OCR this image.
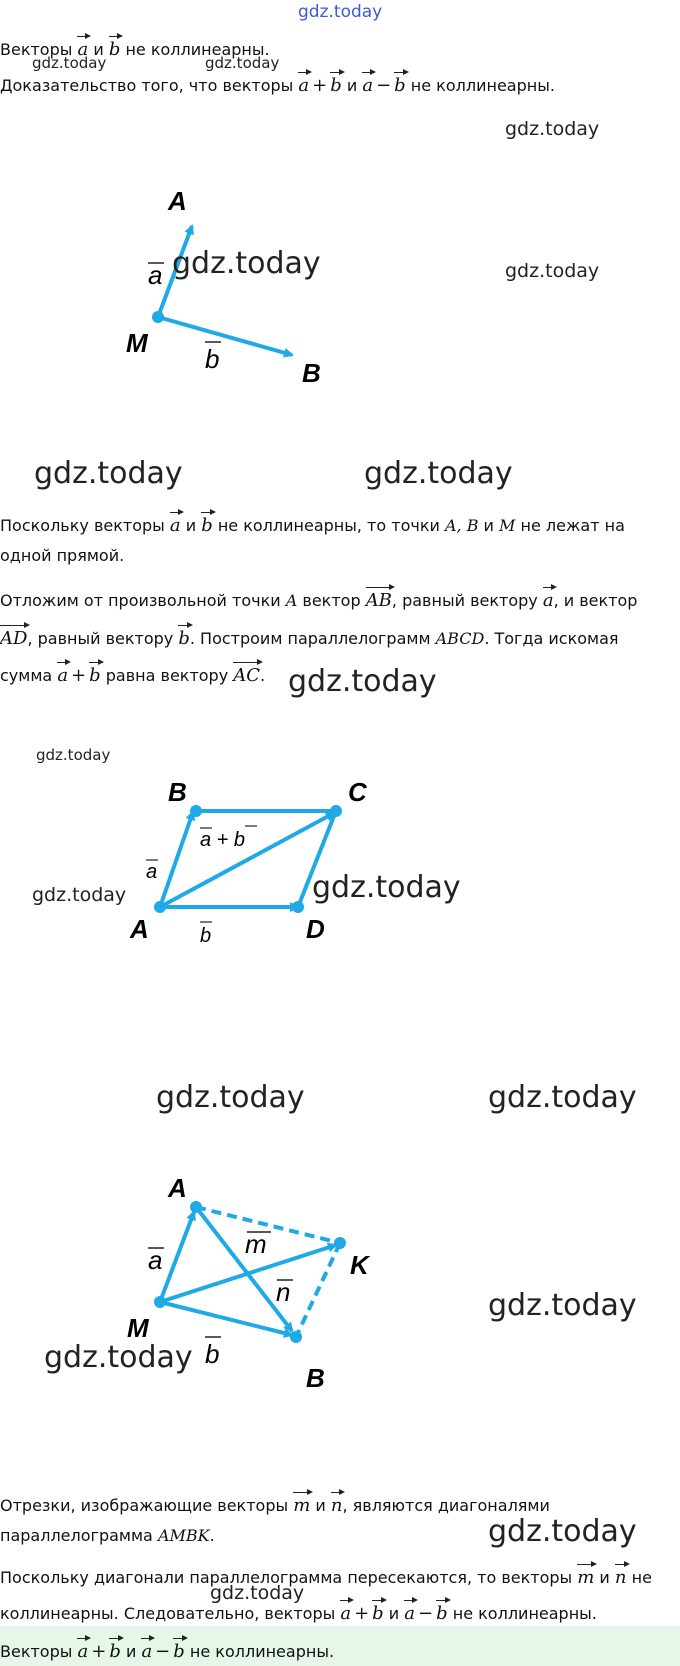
gdz.today
Векторы a и b не коллинеарны.
gdz.today	gdz.today
Доказательство того, что векторы a + b и a − b не коллинеарны.
gdz.today
A
M
B
a
b
gdz.today	gdz.today
gdz.today	gdz.today
Поскольку векторы a и b не коллинеарны, то точки A, B и M не лежат на
одной прямой.
Отложим от произвольной точки A вектор AB, равный вектору a, и вектор
AD, равный вектору b. Построим параллелограмм ABCD. Тогда искомая
сумма a + b равна вектору AC. gdz.today
gdz.today
B	C
A	D
a
b
a + b
gdz.today	gdz.today
gdz.today	gdz.today
A
M
K
B
a
m
n
b
gdz.today
gdz.today
Отрезки, изображающие векторы m и n, являются диагоналями
параллелограмма AMBK.	gdz.today
Поскольку диагонали параллелограмма пересекаются, то векторы m и n не
gdz.today
коллинеарны. Следовательно, векторы a + b и a − b не коллинеарны.
Векторы a + b и a − b не коллинеарны.
